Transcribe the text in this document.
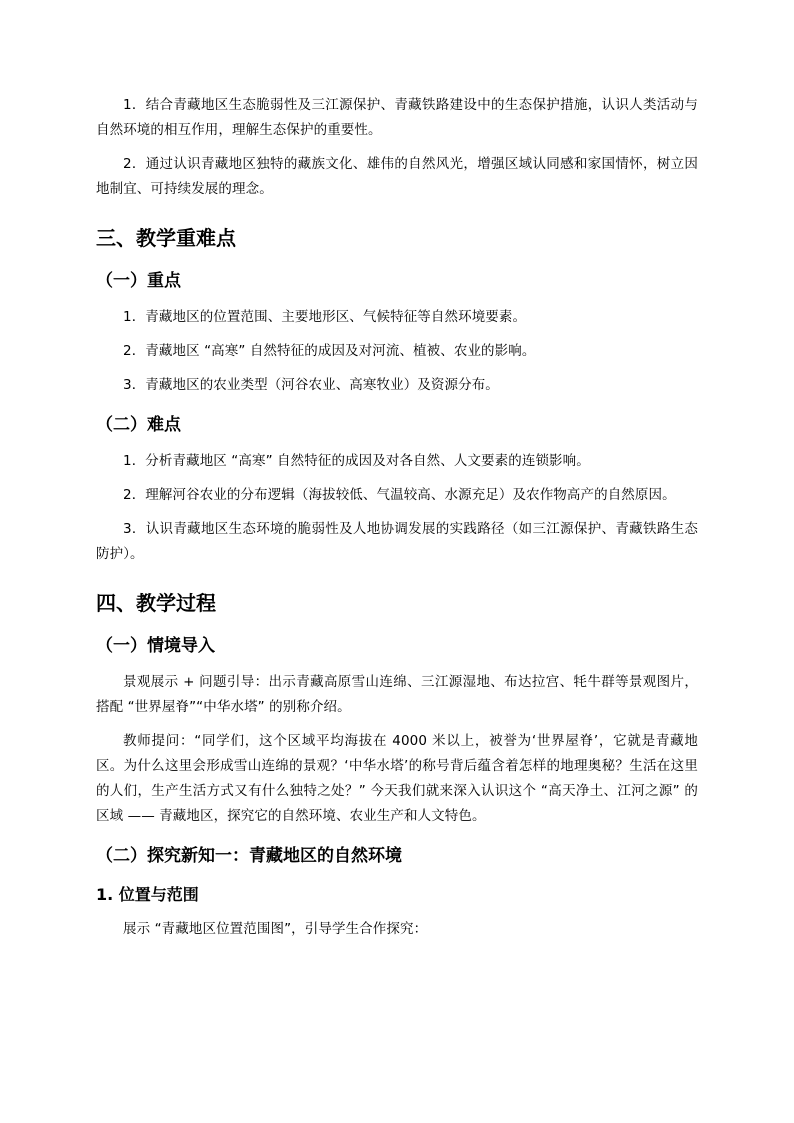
1．结合青藏地区生态脆弱性及三江源保护、青藏铁路建设中的生态保护措施，认识人类活动与自然环境的相互作用，理解生态保护的重要性。

2．通过认识青藏地区独特的藏族文化、雄伟的自然风光，增强区域认同感和家国情怀，树立因地制宜、可持续发展的理念。

三、教学重难点
（一）重点

1．青藏地区的位置范围、主要地形区、气候特征等自然环境要素。

2．青藏地区 “高寒” 自然特征的成因及对河流、植被、农业的影响。

3．青藏地区的农业类型（河谷农业、高寒牧业）及资源分布。

（二）难点

1．分析青藏地区 “高寒” 自然特征的成因及对各自然、人文要素的连锁影响。

2．理解河谷农业的分布逻辑（海拔较低、气温较高、水源充足）及农作物高产的自然原因。

3．认识青藏地区生态环境的脆弱性及人地协调发展的实践路径（如三江源保护、青藏铁路生态防护）。

四、教学过程
（一）情境导入

景观展示 + 问题引导：出示青藏高原雪山连绵、三江源湿地、布达拉宫、牦牛群等景观图片，搭配 “世界屋脊”“中华水塔” 的别称介绍。

教师提问：“同学们，这个区域平均海拔在 4000 米以上，被誉为‘世界屋脊’，它就是青藏地区。为什么这里会形成雪山连绵的景观？‘中华水塔’的称号背后蕴含着怎样的地理奥秘？生活在这里的人们，生产生活方式又有什么独特之处？” 今天我们就来深入认识这个 “高天净土、江河之源” 的区域 —— 青藏地区，探究它的自然环境、农业生产和人文特色。

（二）探究新知一：青藏地区的自然环境
1. 位置与范围

展示 “青藏地区位置范围图”，引导学生合作探究：
